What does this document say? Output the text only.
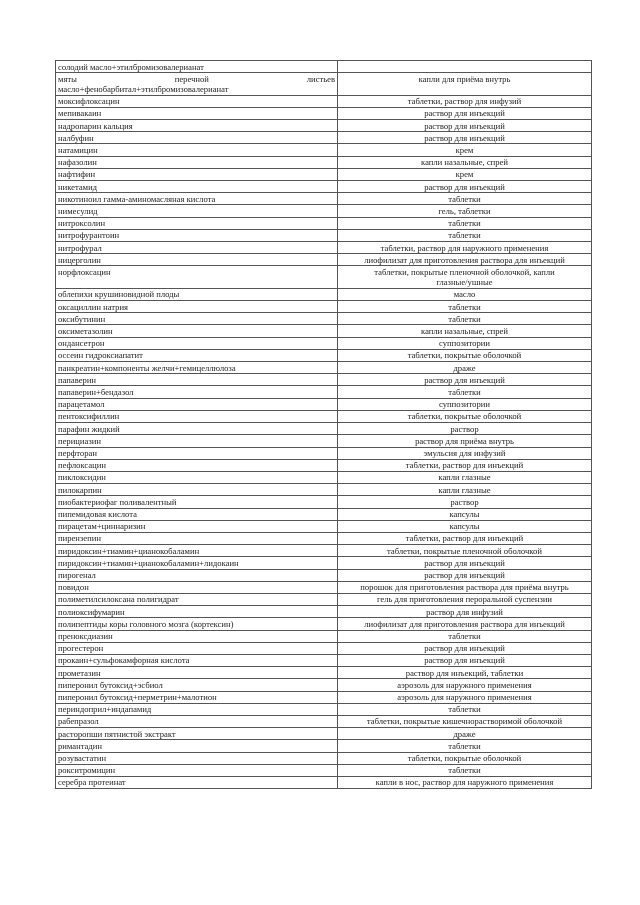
солодий масло+этилбромизовалерианат	

мяты перечной листьев
масло+фенобарбитал+этилбромизовалерианат	капли для приёма внутрь

моксифлоксацин	таблетки, раствор для инфузий

мепивакаин	раствор для инъекций

надропарин кальция	раствор для инъекций

налбуфин	раствор для инъекций

натамицин	крем

нафазолин	капли назальные, спрей

нафтифин	крем

никетамид	раствор для инъекций

никотиноил гамма-аминомасляная кислота	таблетки

нимесулид	гель, таблетки

нитроксолин	таблетки

нитрофурантоин	таблетки

нитрофурал	таблетки, раствор для наружного применения

ницерголин	лиофилизат для приготовления раствора для инъекций

норфлоксацин	таблетки, покрытые пленочной оболочкой, капли
глазные/ушные

облепихи крушиновидной плоды	масло

оксациллин натрия	таблетки

оксибутинин	таблетки

оксиметазолин	капли назальные, спрей

ондансетрон	суппозитории

оссеин гидроксиапатит	таблетки, покрытые оболочкой

панкреатин+компоненты желчи+гемицеллюлоза	драже

папаверин	раствор для инъекций

папаверин+бендазол	таблетки

парацетамол	суппозитории

пентоксифиллин	таблетки, покрытые оболочкой

парафин жидкий	раствор

перициазин	раствор для приёма внутрь

перфторан	эмульсия для инфузий

пефлоксацин	таблетки, раствор для инъекций

пиклоксидин	капли глазные

пилокарпин	капли глазные

пиобактериофаг поливалентный	раствор

пипемидовая кислота	капсулы

пирацетам+циннаризин	капсулы

пирензепин	таблетки, раствор для инъекций

пиридоксин+тиамин+цианокобаламин	таблетки, покрытые пленочной оболочкой

пиридоксин+тиамин+цианокобаламин+лидокаин	раствор для инъекций

пирогенал	раствор для инъекций

повидон	порошок для приготовления раствора для приёма внутрь

полиметилсилоксана полигидрат	гель для приготовления пероральной суспензии

полиоксифумарин	раствор для инфузий

полипептиды коры головного мозга (кортексин)	лиофилизат для приготовления раствора для инъекций

преноксдиазин	таблетки

прогестерон	раствор для инъекций

прокаин+сульфокамфорная кислота	раствор для инъекций

прометазин	раствор для инъекций, таблетки

пиперонил бутоксид+эсбиол	аэрозоль для наружного применения

пиперонил бутоксид+перметрин+малотион	аэрозоль для наружного применения

периндоприл+индапамид	таблетки

рабепразол	таблетки, покрытые кишечнорастворимой оболочкой

расторопши пятнистой экстракт	драже

римантадин	таблетки

розувастатин	таблетки, покрытые оболочкой

рокситромицин	таблетки

серебра протеинат	капли в нос, раствор для наружного применения
